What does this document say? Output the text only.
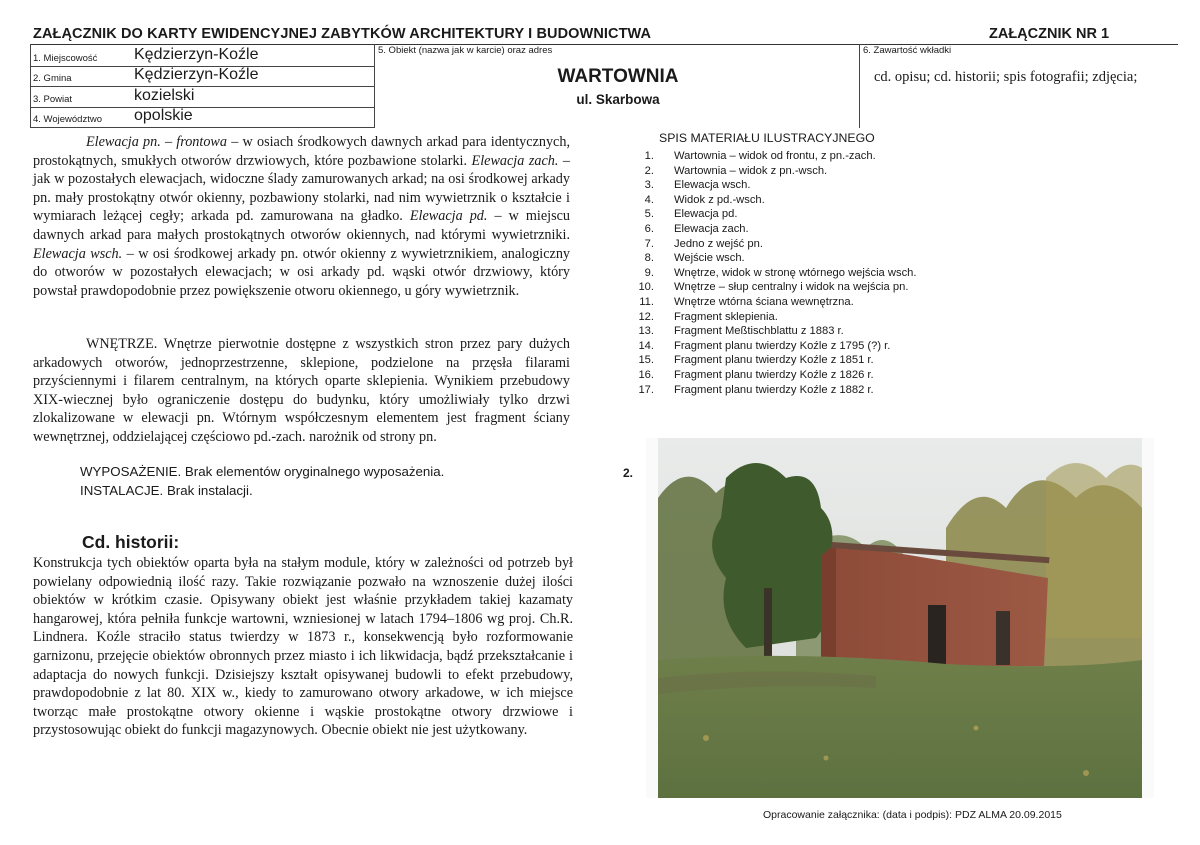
ZAŁĄCZNIK DO KARTY EWIDENCYJNEJ ZABYTKÓW ARCHITEKTURY I BUDOWNICTWA	ZAŁĄCZNIK NR 1
1. Miejscowość Kędzierzyn-Koźle
2. Gmina	Kędzierzyn-Koźle
3. Powiat	kozielski
4. Województwo opolskie
5. Obiekt (nazwa jak w karcie) oraz adres
WARTOWNIA
ul. Skarbowa
6. Zawartość wkładki
cd. opisu; cd. historii; spis fotografii; zdjęcia;

Elewacja pn. – frontowa – w osiach środkowych dawnych arkad para identycznych, prostokątnych, smukłych otworów drzwiowych, które pozbawione stolarki. Elewacja zach. – jak w pozostałych elewacjach, widoczne ślady zamurowanych arkad; na osi środkowej arkady pn. mały prostokątny otwór okienny, pozbawiony stolarki, nad nim wywietrznik o kształcie i wymiarach leżącej cegły; arkada pd. zamurowana na gładko. Elewacja pd. – w miejscu dawnych arkad para małych prostokątnych otworów okiennych, nad którymi wywietrzniki. Elewacja wsch. – w osi środkowej arkady pn. otwór okienny z wywietrznikiem, analogiczny do otworów w pozostałych elewacjach; w osi arkady pd. wąski otwór drzwiowy, który powstał prawdopodobnie przez powiększenie otworu okiennego, u góry wywietrznik.

WNĘTRZE. Wnętrze pierwotnie dostępne z wszystkich stron przez pary dużych arkadowych otworów, jednoprzestrzenne, sklepione, podzielone na przęsła filarami przyściennymi i filarem centralnym, na których oparte sklepienia. Wynikiem przebudowy XIX-wiecznej było ograniczenie dostępu do budynku, który umożliwiały tylko drzwi zlokalizowane w elewacji pn. Wtórnym współczesnym elementem jest fragment ściany wewnętrznej, oddzielającej częściowo pd.-zach. narożnik od strony pn.

WYPOSAŻENIE. Brak elementów oryginalnego wyposażenia.
INSTALACJE. Brak instalacji.
Cd. historii:

Konstrukcja tych obiektów oparta była na stałym module, który w zależności od potrzeb był powielany odpowiednią ilość razy. Takie rozwiązanie pozwało na wznoszenie dużej ilości obiektów w krótkim czasie. Opisywany obiekt jest właśnie przykładem takiej kazamaty hangarowej, która pełniła funkcje wartowni, wzniesionej w latach 1794–1806 wg proj. Ch.R. Lindnera. Koźle straciło status twierdzy w 1873 r., konsekwencją było rozformowanie garnizonu, przejęcie obiektów obronnych przez miasto i ich likwidacja, bądź przekształcanie i adaptacja do nowych funkcji. Dzisiejszy kształt opisywanej budowli to efekt przebudowy, prawdopodobnie z lat 80. XIX w., kiedy to zamurowano otwory arkadowe, w ich miejsce tworząc małe prostokątne otwory okienne i wąskie prostokątne otwory drzwiowe i przystosowując obiekt do funkcji magazynowych. Obecnie obiekt nie jest użytkowany.

SPIS MATERIAŁU ILUSTRACYJNEGO
1. Wartownia – widok od frontu, z pn.-zach.
2. Wartownia – widok z pn.-wsch.
3. Elewacja wsch.
4. Widok z pd.-wsch.
5. Elewacja pd.
6. Elewacja zach.
7. Jedno z wejść pn.
8. Wejście wsch.
9. Wnętrze, widok w stronę wtórnego wejścia wsch.
10. Wnętrze – słup centralny i widok na wejścia pn.
11. Wnętrze wtórna ściana wewnętrzna.
12. Fragment sklepienia.
13. Fragment Meßtischblattu z 1883 r.
14. Fragment planu twierdzy Koźle z 1795 (?) r.
15. Fragment planu twierdzy Koźle z 1851 r.
16. Fragment planu twierdzy Koźle z 1826 r.
17. Fragment planu twierdzy Koźle z 1882 r.
2.
Opracowanie załącznika: (data i podpis): PDZ ALMA 20.09.2015
